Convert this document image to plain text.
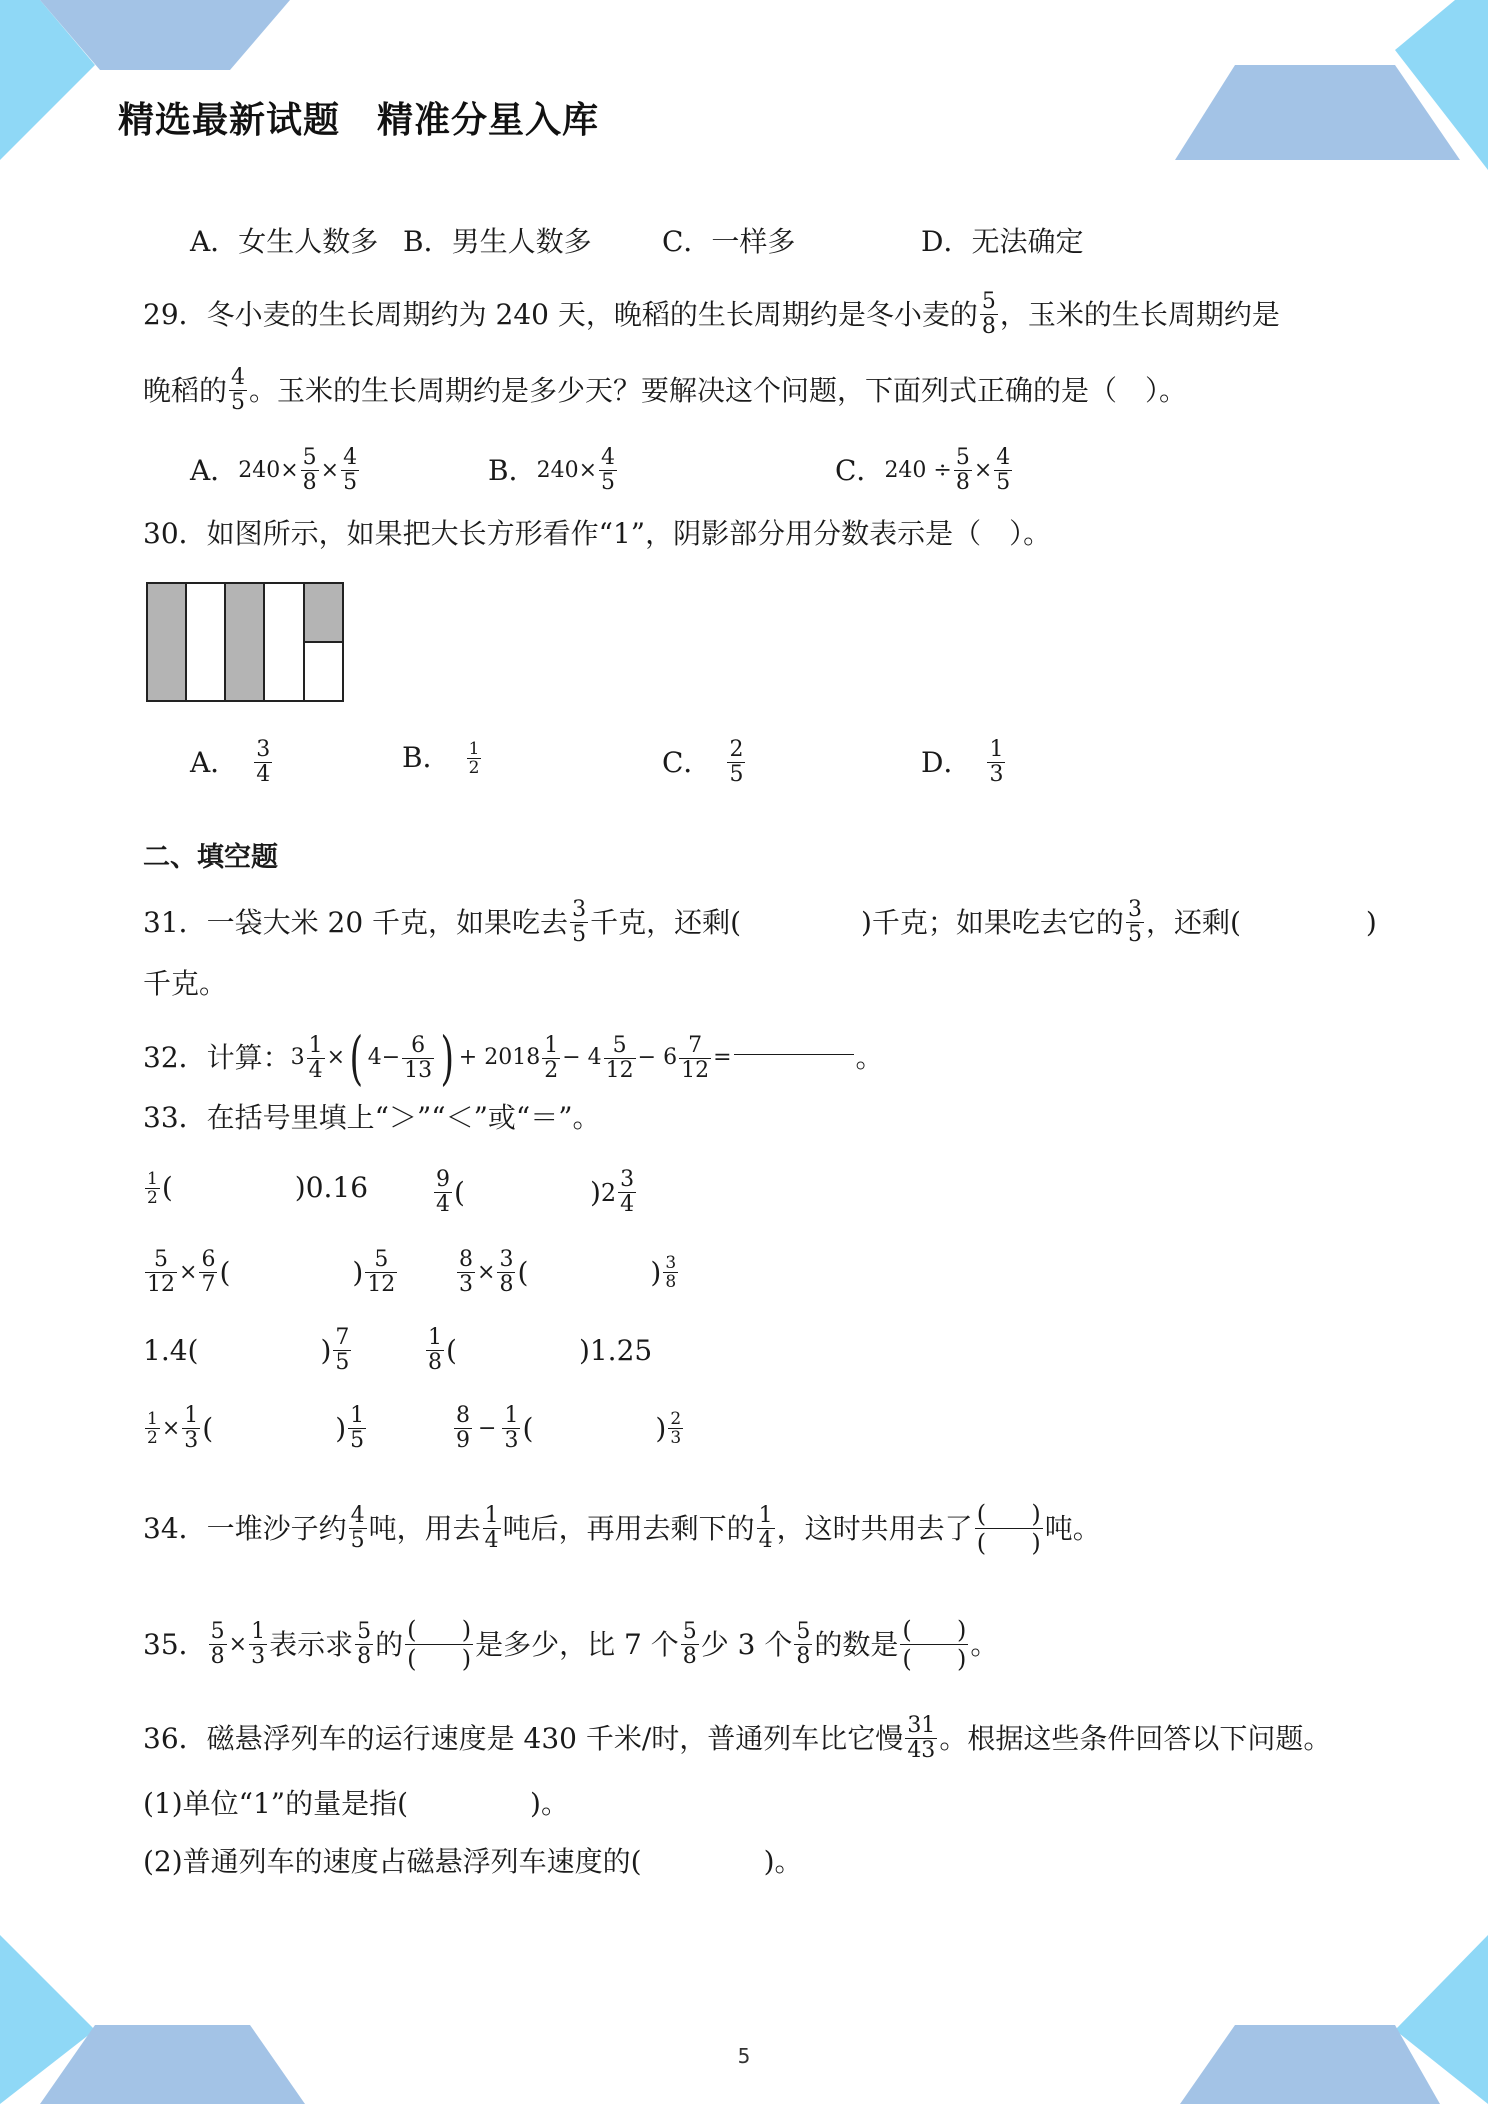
精选最新试题　精准分星入库
A．女生人数多 B．男生人数多	C．一样多	D．无法确定
29．冬小麦的生长周期约为 240 天，晚稻的生长周期约是冬小麦的 $\frac{5}{8}$ ，玉米的生长周期约是
晚稻的 $\frac{4}{5}$ 。玉米的生长周期约是多少天？要解决这个问题，下面列式正确的是（　）。
A． $240\times \frac{5}{8} \times \frac{4}{5}$	B． $240\times \frac{4}{5}$	C． $240 \div \frac{5}{8} \times \frac{4}{5}$
30．如图所示，如果把大长方形看作“1”，阴影部分用分数表示是（　）。
A． $\frac{3}{4}$	B． $\frac{1}{2}$	C． $\frac{2}{5}$	D． $\frac{1}{3}$
二、填空题
31．一袋大米 20 千克，如果吃去 $\frac{3}{5}$ 千克，还剩(	)千克；如果吃去它的 $\frac{3}{5}$ ，还剩(	)
千克。
32．计算： $3 \frac{1}{4}$ × ( $4- \frac{6}{13}$ ) + $2018 \frac{1}{2} - 4 \frac{5}{12} - 6 \frac{7}{12}$ =	。
33．在括号里填上“＞”“＜”或“＝”。
$\frac{1}{2}$ (	)0.16	$\frac{9}{4}$ (	) $2 \frac{3}{4}$
$\frac{5}{12} \times \frac{6}{7}$ (	) $\frac{5}{12}$	$\frac{8}{3} \times \frac{3}{8}$ (	) $\frac{3}{8}$
1.4(	) $\frac{7}{5}$	$\frac{1}{8}$ (	)1.25
$\frac{1}{2} \times \frac{1}{3}$ (	) $\frac{1}{5}$	$\frac{8}{9} - \frac{1}{3}$ (	) $\frac{2}{3}$
34．一堆沙子约 $\frac{4}{5}$ 吨，用去 $\frac{1}{4}$ 吨后，再用去剩下的 $\frac{1}{4}$ ，这时共用去了 $\frac{( )}{( )}$ 吨。
35． $\frac{5}{8} \times \frac{1}{3}$ 表示求 $\frac{5}{8}$ 的 $\frac{( )}{( )}$ 是多少，比 7 个 $\frac{5}{8}$ 少 3 个 $\frac{5}{8}$ 的数是 $\frac{( )}{( )}$ 。
36．磁悬浮列车的运行速度是 430 千米/时，普通列车比它慢 $\frac{31}{43}$ 。根据这些条件回答以下问题。
(1)单位“1”的量是指(	)。
(2)普通列车的速度占磁悬浮列车速度的(	)。
5
